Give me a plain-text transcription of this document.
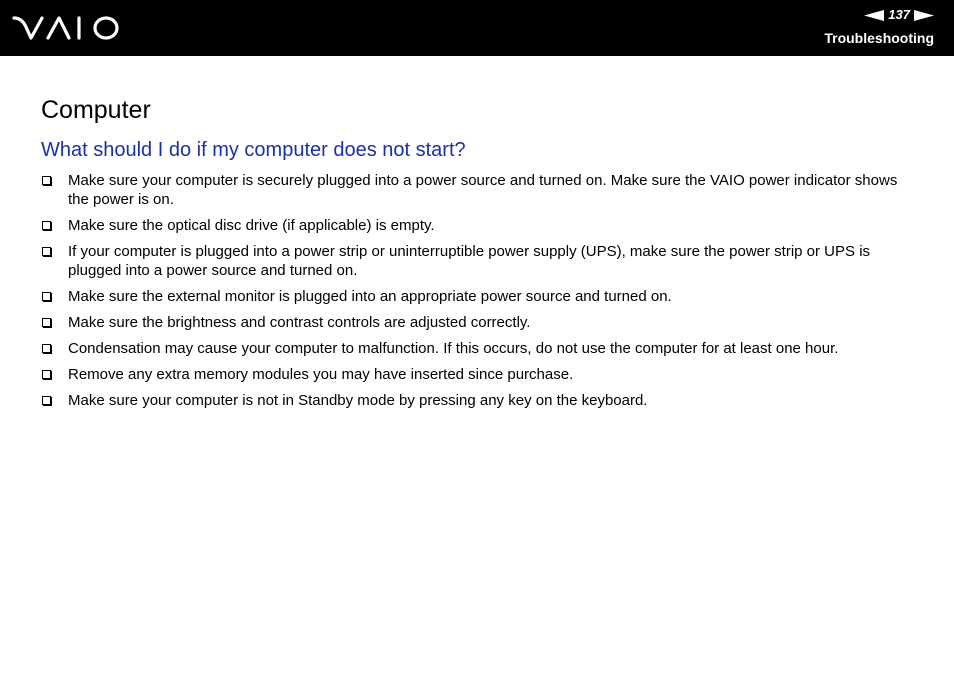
137
Troubleshooting
Computer
What should I do if my computer does not start?
Make sure your computer is securely plugged into a power source and turned on. Make sure the VAIO power indicator shows the power is on.
Make sure the optical disc drive (if applicable) is empty.
If your computer is plugged into a power strip or uninterruptible power supply (UPS), make sure the power strip or UPS is plugged into a power source and turned on.
Make sure the external monitor is plugged into an appropriate power source and turned on.
Make sure the brightness and contrast controls are adjusted correctly.
Condensation may cause your computer to malfunction. If this occurs, do not use the computer for at least one hour.
Remove any extra memory modules you may have inserted since purchase.
Make sure your computer is not in Standby mode by pressing any key on the keyboard.
